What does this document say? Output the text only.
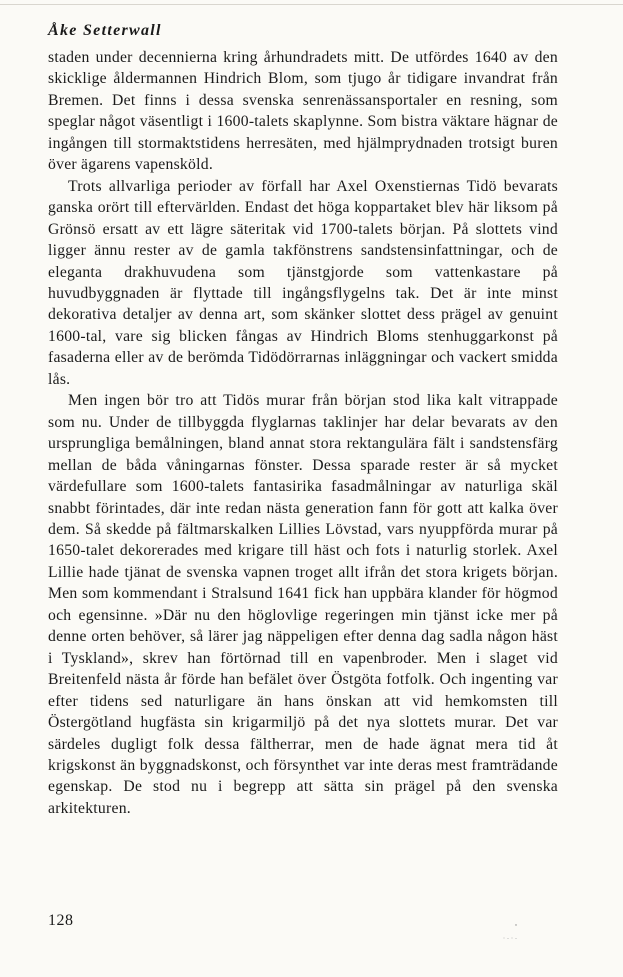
Åke Setterwall

staden under decennierna kring århundradets mitt. De utfördes 1640 av den skicklige åldermannen Hindrich Blom, som tjugo år tidigare invandrat från Bremen. Det finns i dessa svenska senrenässansportaler en resning, som speglar något väsentligt i 1600-talets skaplynne. Som bistra väktare hägnar de ingången till stormaktstidens herresäten, med hjälmprydnaden trotsigt buren över ägarens vapensköld.

Trots allvarliga perioder av förfall har Axel Oxenstiernas Tidö bevarats ganska orört till eftervärlden. Endast det höga koppartaket blev här liksom på Grönsö ersatt av ett lägre säteritak vid 1700-talets början. På slottets vind ligger ännu rester av de gamla takfönstrens sandstensinfattningar, och de eleganta drakhuvudena som tjänstgjorde som vattenkastare på huvudbyggnaden är flyttade till ingångsflygelns tak. Det är inte minst dekorativa detaljer av denna art, som skänker slottet dess prägel av genuint 1600-tal, vare sig blicken fångas av Hindrich Bloms stenhuggarkonst på fasaderna eller av de berömda Tidödörrarnas inläggningar och vackert smidda lås.

Men ingen bör tro att Tidös murar från början stod lika kalt vitrappade som nu. Under de tillbyggda flyglarnas taklinjer har delar bevarats av den ursprungliga bemålningen, bland annat stora rektangulära fält i sandstensfärg mellan de båda våningarnas fönster. Dessa sparade rester är så mycket värdefullare som 1600-talets fantasirika fasadmålningar av naturliga skäl snabbt förintades, där inte redan nästa generation fann för gott att kalka över dem. Så skedde på fältmarskalken Lillies Lövstad, vars nyuppförda murar på 1650-talet dekorerades med krigare till häst och fots i naturlig storlek. Axel Lillie hade tjänat de svenska vapnen troget allt ifrån det stora krigets början. Men som kommendant i Stralsund 1641 fick han uppbära klander för högmod och egensinne. »Där nu den höglovlige regeringen min tjänst icke mer på denne orten behöver, så lärer jag näppeligen efter denna dag sadla någon häst i Tyskland», skrev han förtörnad till en vapenbroder. Men i slaget vid Breitenfeld nästa år förde han befälet över Östgöta fotfolk. Och ingenting var efter tidens sed naturligare än hans önskan att vid hemkomsten till Östergötland hugfästa sin krigarmiljö på det nya slottets murar. Det var särdeles dugligt folk dessa fältherrar, men de hade ägnat mera tid åt krigskonst än byggnadskonst, och försynthet var inte deras mest framträdande egenskap. De stod nu i begrepp att sätta sin prägel på den svenska arkitekturen.

128
